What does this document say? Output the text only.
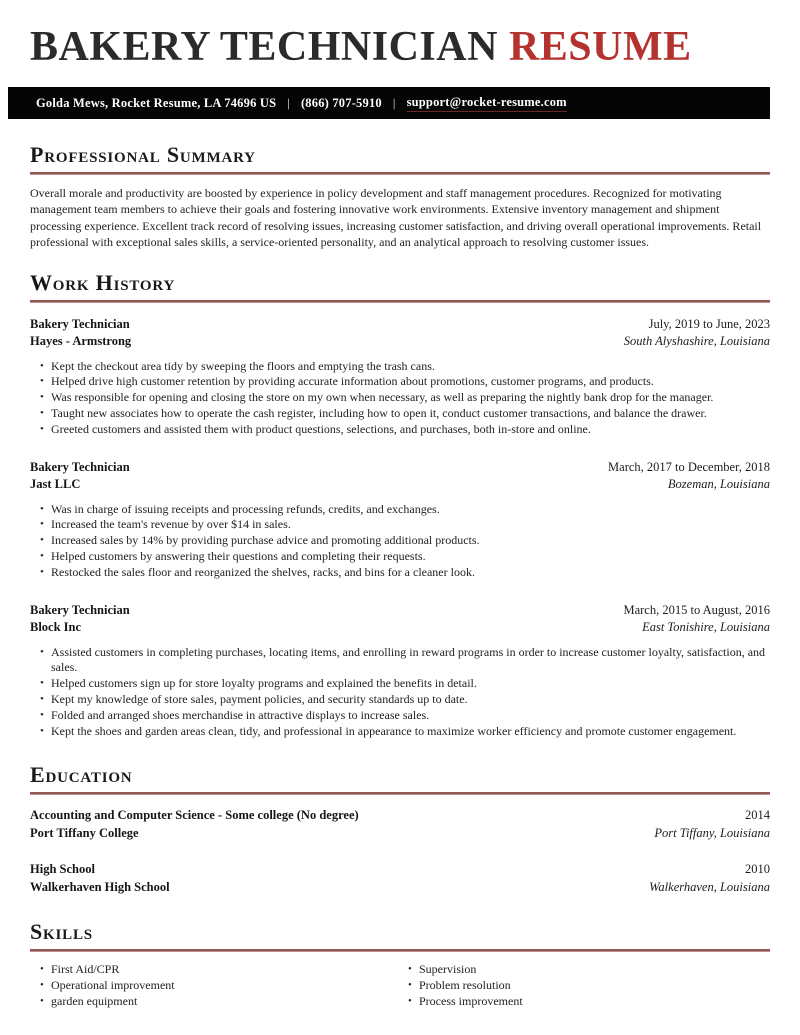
BAKERY TECHNICIAN RESUME
Golda Mews, Rocket Resume, LA 74696 US | (866) 707-5910 | support@rocket-resume.com
Professional Summary

Overall morale and productivity are boosted by experience in policy development and staff management procedures. Recognized for motivating management team members to achieve their goals and fostering innovative work environments. Extensive inventory management and shipment processing experience. Excellent track record of resolving issues, increasing customer satisfaction, and driving overall operational improvements. Retail professional with exceptional sales skills, a service-oriented personality, and an analytical approach to resolving customer issues.

Work History
Bakery Technician	July, 2019 to June, 2023
Hayes - Armstrong	South Alyshashire, Louisiana
• Kept the checkout area tidy by sweeping the floors and emptying the trash cans.
• Helped drive high customer retention by providing accurate information about promotions, customer programs, and products.
• Was responsible for opening and closing the store on my own when necessary, as well as preparing the nightly bank drop for the manager.
• Taught new associates how to operate the cash register, including how to open it, conduct customer transactions, and balance the drawer.
• Greeted customers and assisted them with product questions, selections, and purchases, both in-store and online.
Bakery Technician	March, 2017 to December, 2018
Jast LLC	Bozeman, Louisiana
• Was in charge of issuing receipts and processing refunds, credits, and exchanges.
• Increased the team's revenue by over $14 in sales.
• Increased sales by 14% by providing purchase advice and promoting additional products.
• Helped customers by answering their questions and completing their requests.
• Restocked the sales floor and reorganized the shelves, racks, and bins for a cleaner look.
Bakery Technician	March, 2015 to August, 2016
Block Inc	East Tonishire, Louisiana
• Assisted customers in completing purchases, locating items, and enrolling in reward programs in order to increase customer loyalty, satisfaction, and sales.
• Helped customers sign up for store loyalty programs and explained the benefits in detail.
• Kept my knowledge of store sales, payment policies, and security standards up to date.
• Folded and arranged shoes merchandise in attractive displays to increase sales.
• Kept the shoes and garden areas clean, tidy, and professional in appearance to maximize worker efficiency and promote customer engagement.
Education
Accounting and Computer Science - Some college (No degree)	2014
Port Tiffany College	Port Tiffany, Louisiana
High School	2010
Walkerhaven High School	Walkerhaven, Louisiana
Skills
• First Aid/CPR
• Operational improvement
• garden equipment
• Supervision
• Problem resolution
• Process improvement
